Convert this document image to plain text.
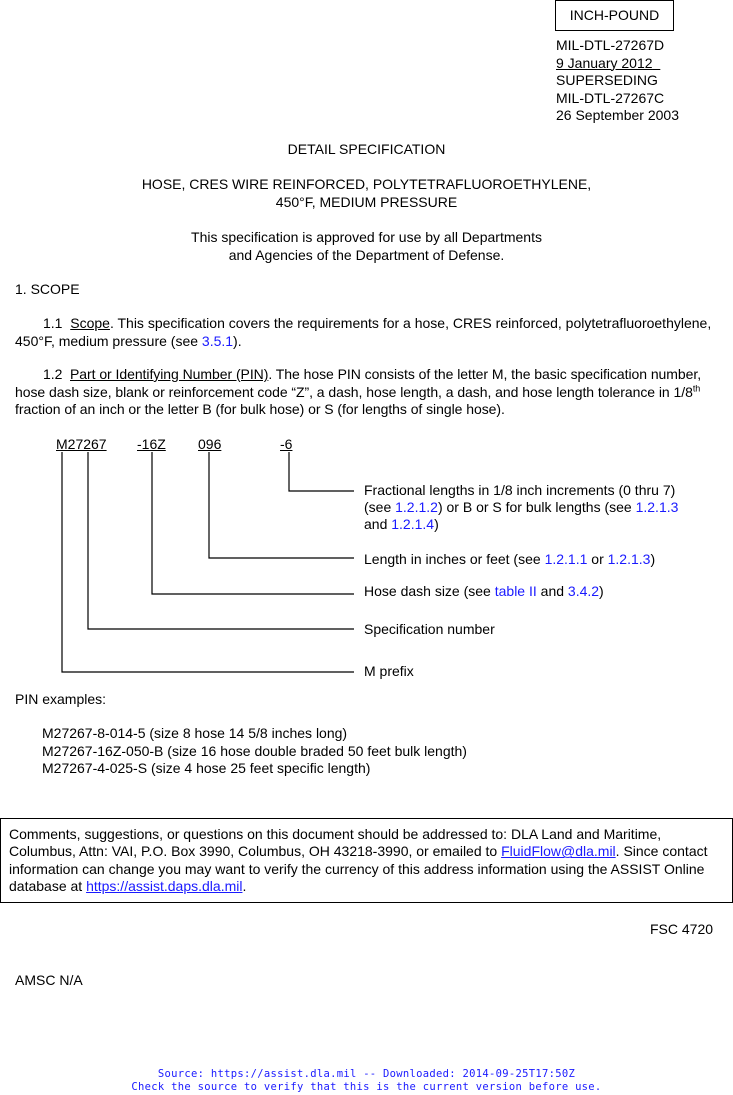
INCH-POUND
MIL-DTL-27267D
9 January 2012
SUPERSEDING
MIL-DTL-27267C
26 September 2003
DETAIL SPECIFICATION
HOSE, CRES WIRE REINFORCED, POLYTETRAFLUOROETHYLENE,
450°F, MEDIUM PRESSURE
This specification is approved for use by all Departments
and Agencies of the Department of Defense.
1. SCOPE
1.1 Scope. This specification covers the requirements for a hose, CRES reinforced, polytetrafluoroethylene, 450°F, medium pressure (see 3.5.1).
1.2 Part or Identifying Number (PIN). The hose PIN consists of the letter M, the basic specification number, hose dash size, blank or reinforcement code “Z”, a dash, hose length, a dash, and hose length tolerance in 1/8th fraction of an inch or the letter B (for bulk hose) or S (for lengths of single hose).
M27267 -16Z 096	-6
Fractional lengths in 1/8 inch increments (0 thru 7)
(see 1.2.1.2) or B or S for bulk lengths (see 1.2.1.3
and 1.2.1.4)
Length in inches or feet (see 1.2.1.1 or 1.2.1.3)
Hose dash size (see table II and 3.4.2)
Specification number
M prefix
PIN examples:
M27267-8-014-5 (size 8 hose 14 5/8 inches long)
M27267-16Z-050-B (size 16 hose double braded 50 feet bulk length)
M27267-4-025-S (size 4 hose 25 feet specific length)
Comments, suggestions, or questions on this document should be addressed to: DLA Land and Maritime, Columbus, Attn: VAI, P.O. Box 3990, Columbus, OH 43218-3990, or emailed to FluidFlow@dla.mil. Since contact information can change you may want to verify the currency of this address information using the ASSIST Online database at https://assist.daps.dla.mil.
FSC 4720
AMSC N/A
Source: https://assist.dla.mil -- Downloaded: 2014-09-25T17:50Z
Check the source to verify that this is the current version before use.
